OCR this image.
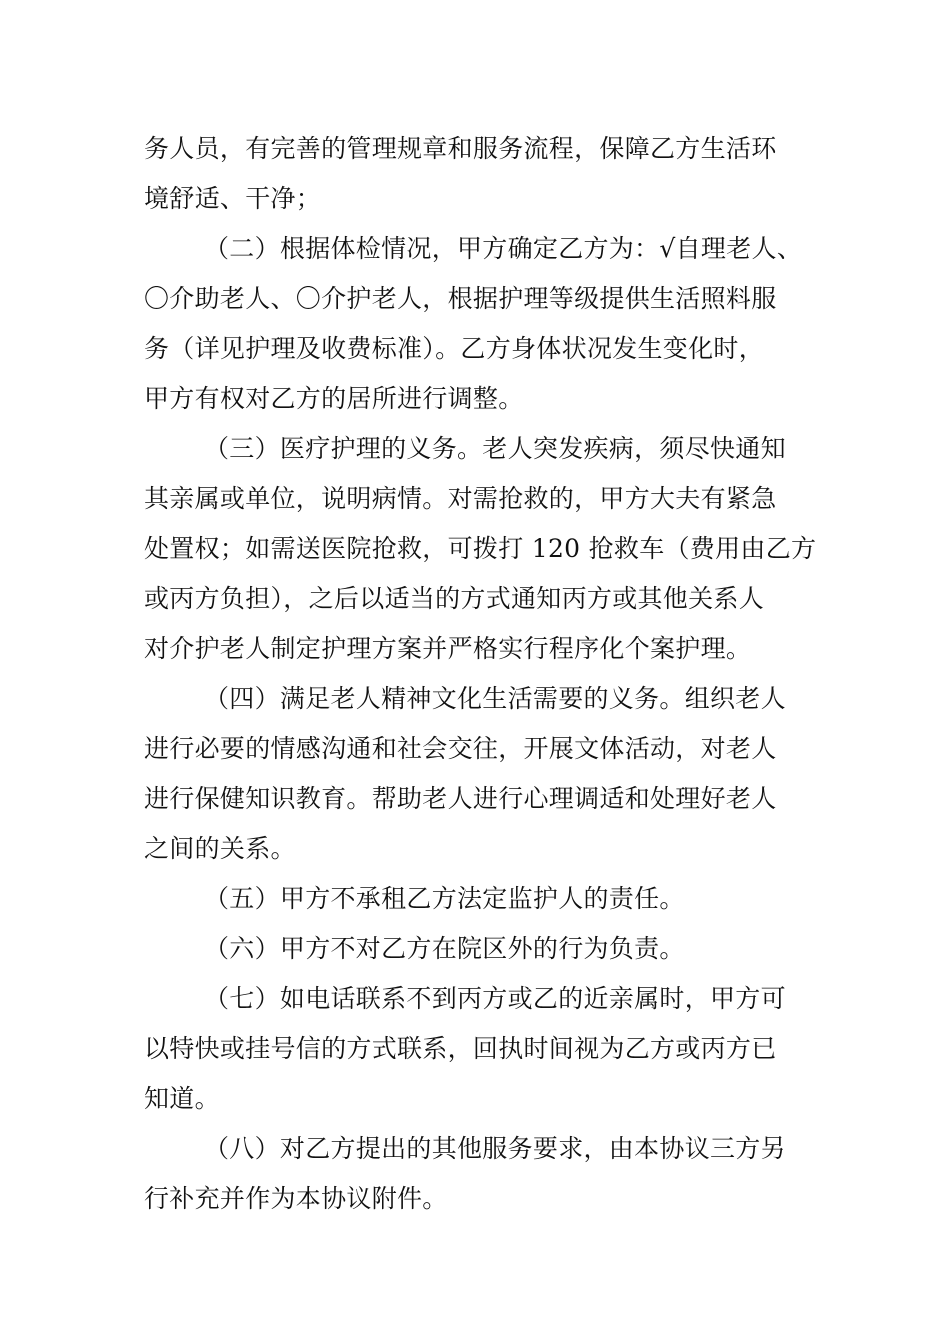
务人员，有完善的管理规章和服务流程，保障乙方生活环
境舒适、干净；
（二）根据体检情况，甲方确定乙方为：√自理老人、
〇介助老人、〇介护老人，根据护理等级提供生活照料服
务（详见护理及收费标准）。乙方身体状况发生变化时，
甲方有权对乙方的居所进行调整。
（三）医疗护理的义务。老人突发疾病，须尽快通知
其亲属或单位，说明病情。对需抢救的，甲方大夫有紧急
处置权；如需送医院抢救，可拨打 120 抢救车（费用由乙方
或丙方负担），之后以适当的方式通知丙方或其他关系人
对介护老人制定护理方案并严格实行程序化个案护理。
（四）满足老人精神文化生活需要的义务。组织老人
进行必要的情感沟通和社会交往，开展文体活动，对老人
进行保健知识教育。帮助老人进行心理调适和处理好老人
之间的关系。
（五）甲方不承租乙方法定监护人的责任。
（六）甲方不对乙方在院区外的行为负责。
（七）如电话联系不到丙方或乙的近亲属时，甲方可
以特快或挂号信的方式联系，回执时间视为乙方或丙方已
知道。
（八）对乙方提出的其他服务要求，由本协议三方另
行补充并作为本协议附件。
